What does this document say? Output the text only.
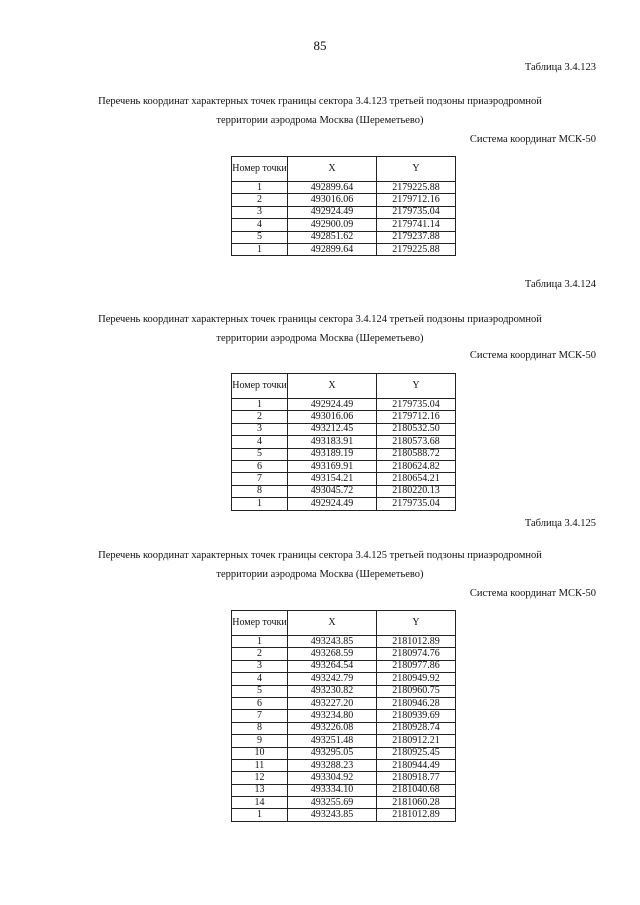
85
Таблица 3.4.123
Перечень координат характерных точек границы сектора 3.4.123 третьей подзоны приаэродромной
территории аэродрома Москва (Шереметьево)
Система координат МСК-50
Номер точки	X	Y
1	492899.64	2179225.88
2	493016.06	2179712.16
3	492924.49	2179735.04
4	492900.09	2179741.14
5	492851.62	2179237.88
1	492899.64	2179225.88
Таблица 3.4.124
Перечень координат характерных точек границы сектора 3.4.124 третьей подзоны приаэродромной
территории аэродрома Москва (Шереметьево)
Система координат МСК-50
Номер точки	X	Y
1	492924.49	2179735.04
2	493016.06	2179712.16
3	493212.45	2180532.50
4	493183.91	2180573.68
5	493189.19	2180588.72
6	493169.91	2180624.82
7	493154.21	2180654.21
8	493045.72	2180220.13
1	492924.49	2179735.04
Таблица 3.4.125
Перечень координат характерных точек границы сектора 3.4.125 третьей подзоны приаэродромной
территории аэродрома Москва (Шереметьево)
Система координат МСК-50
Номер точки	X	Y
1	493243.85	2181012.89
2	493268.59	2180974.76
3	493264.54	2180977.86
4	493242.79	2180949.92
5	493230.82	2180960.75
6	493227.20	2180946.28
7	493234.80	2180939.69
8	493226.08	2180928.74
9	493251.48	2180912.21
10	493295.05	2180925.45
11	493288.23	2180944.49
12	493304.92	2180918.77
13	493334.10	2181040.68
14	493255.69	2181060.28
1	493243.85	2181012.89
